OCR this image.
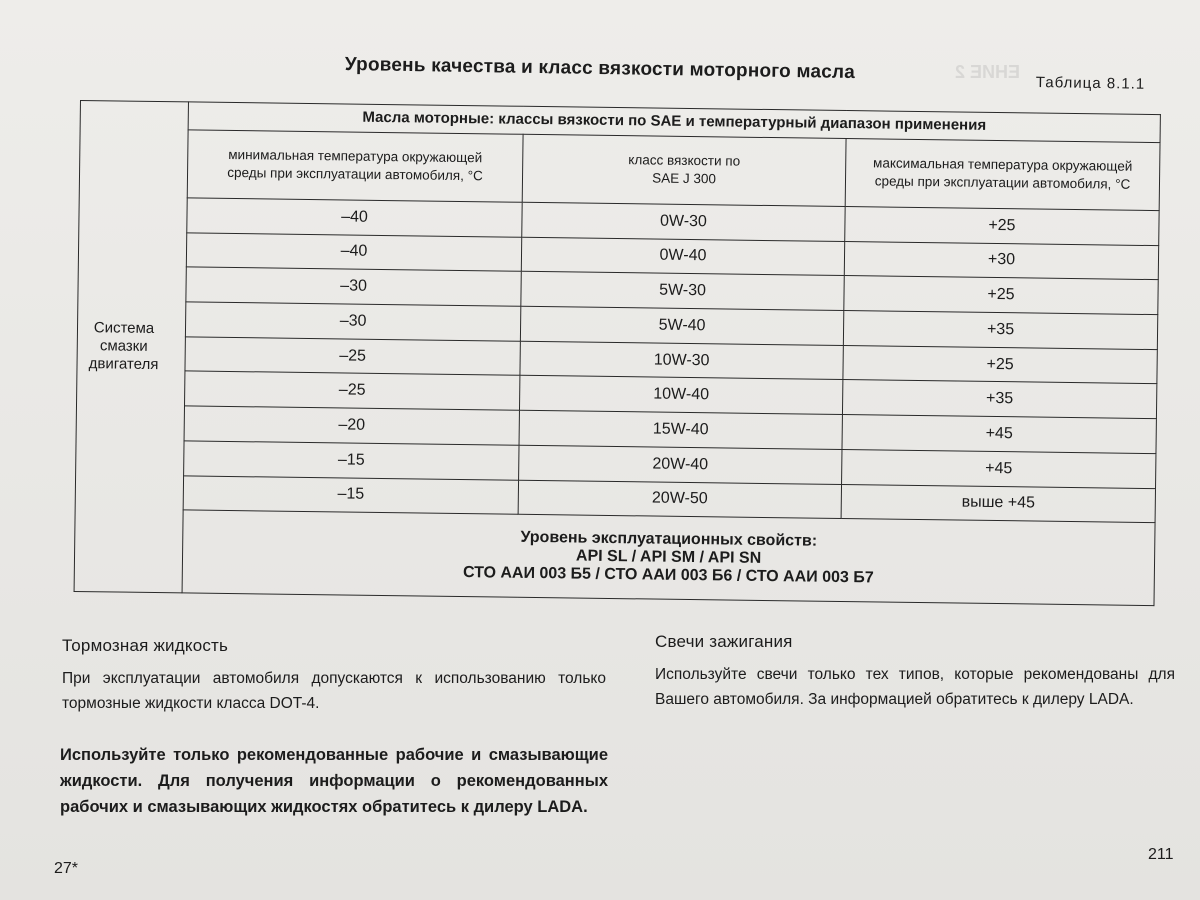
ЕНИЕ 2
Уровень качества и класс вязкости моторного масла
Таблица 8.1.1
Система смазки двигателя	Масла моторные: классы вязкости по SAE и температурный диапазон применения		
	минимальная температура окружающей среды при эксплуатации автомобиля, °С	класс вязкости по SAE J 300	максимальная температура окружающей среды при эксплуатации автомобиля, °С
	–40	0W-30	+25
	–40	0W-40	+30
	–30	5W-30	+25
	–30	5W-40	+35
	–25	10W-30	+25
	–25	10W-40	+35
	–20	15W-40	+45
	–15	20W-40	+45
	–15	20W-50	выше +45

	Уровень эксплуатационных свойств:
API SL / API SM / API SN
СТО ААИ 003 Б5 / СТО ААИ 003 Б6 / СТО ААИ 003 Б7		
Тормозная жидкость
При эксплуатации автомобиля допускаются к использованию только тормозные жидкости класса DOT-4.
Используйте только рекомендованные рабочие и смазывающие жидкости. Для получения информации о рекомендованных рабочих и смазывающих жидкостях обратитесь к дилеру LADA.
Свечи зажигания
Используйте свечи только тех типов, которые рекомендованы для Вашего автомобиля. За информацией обратитесь к дилеру LADA.
27*
211
